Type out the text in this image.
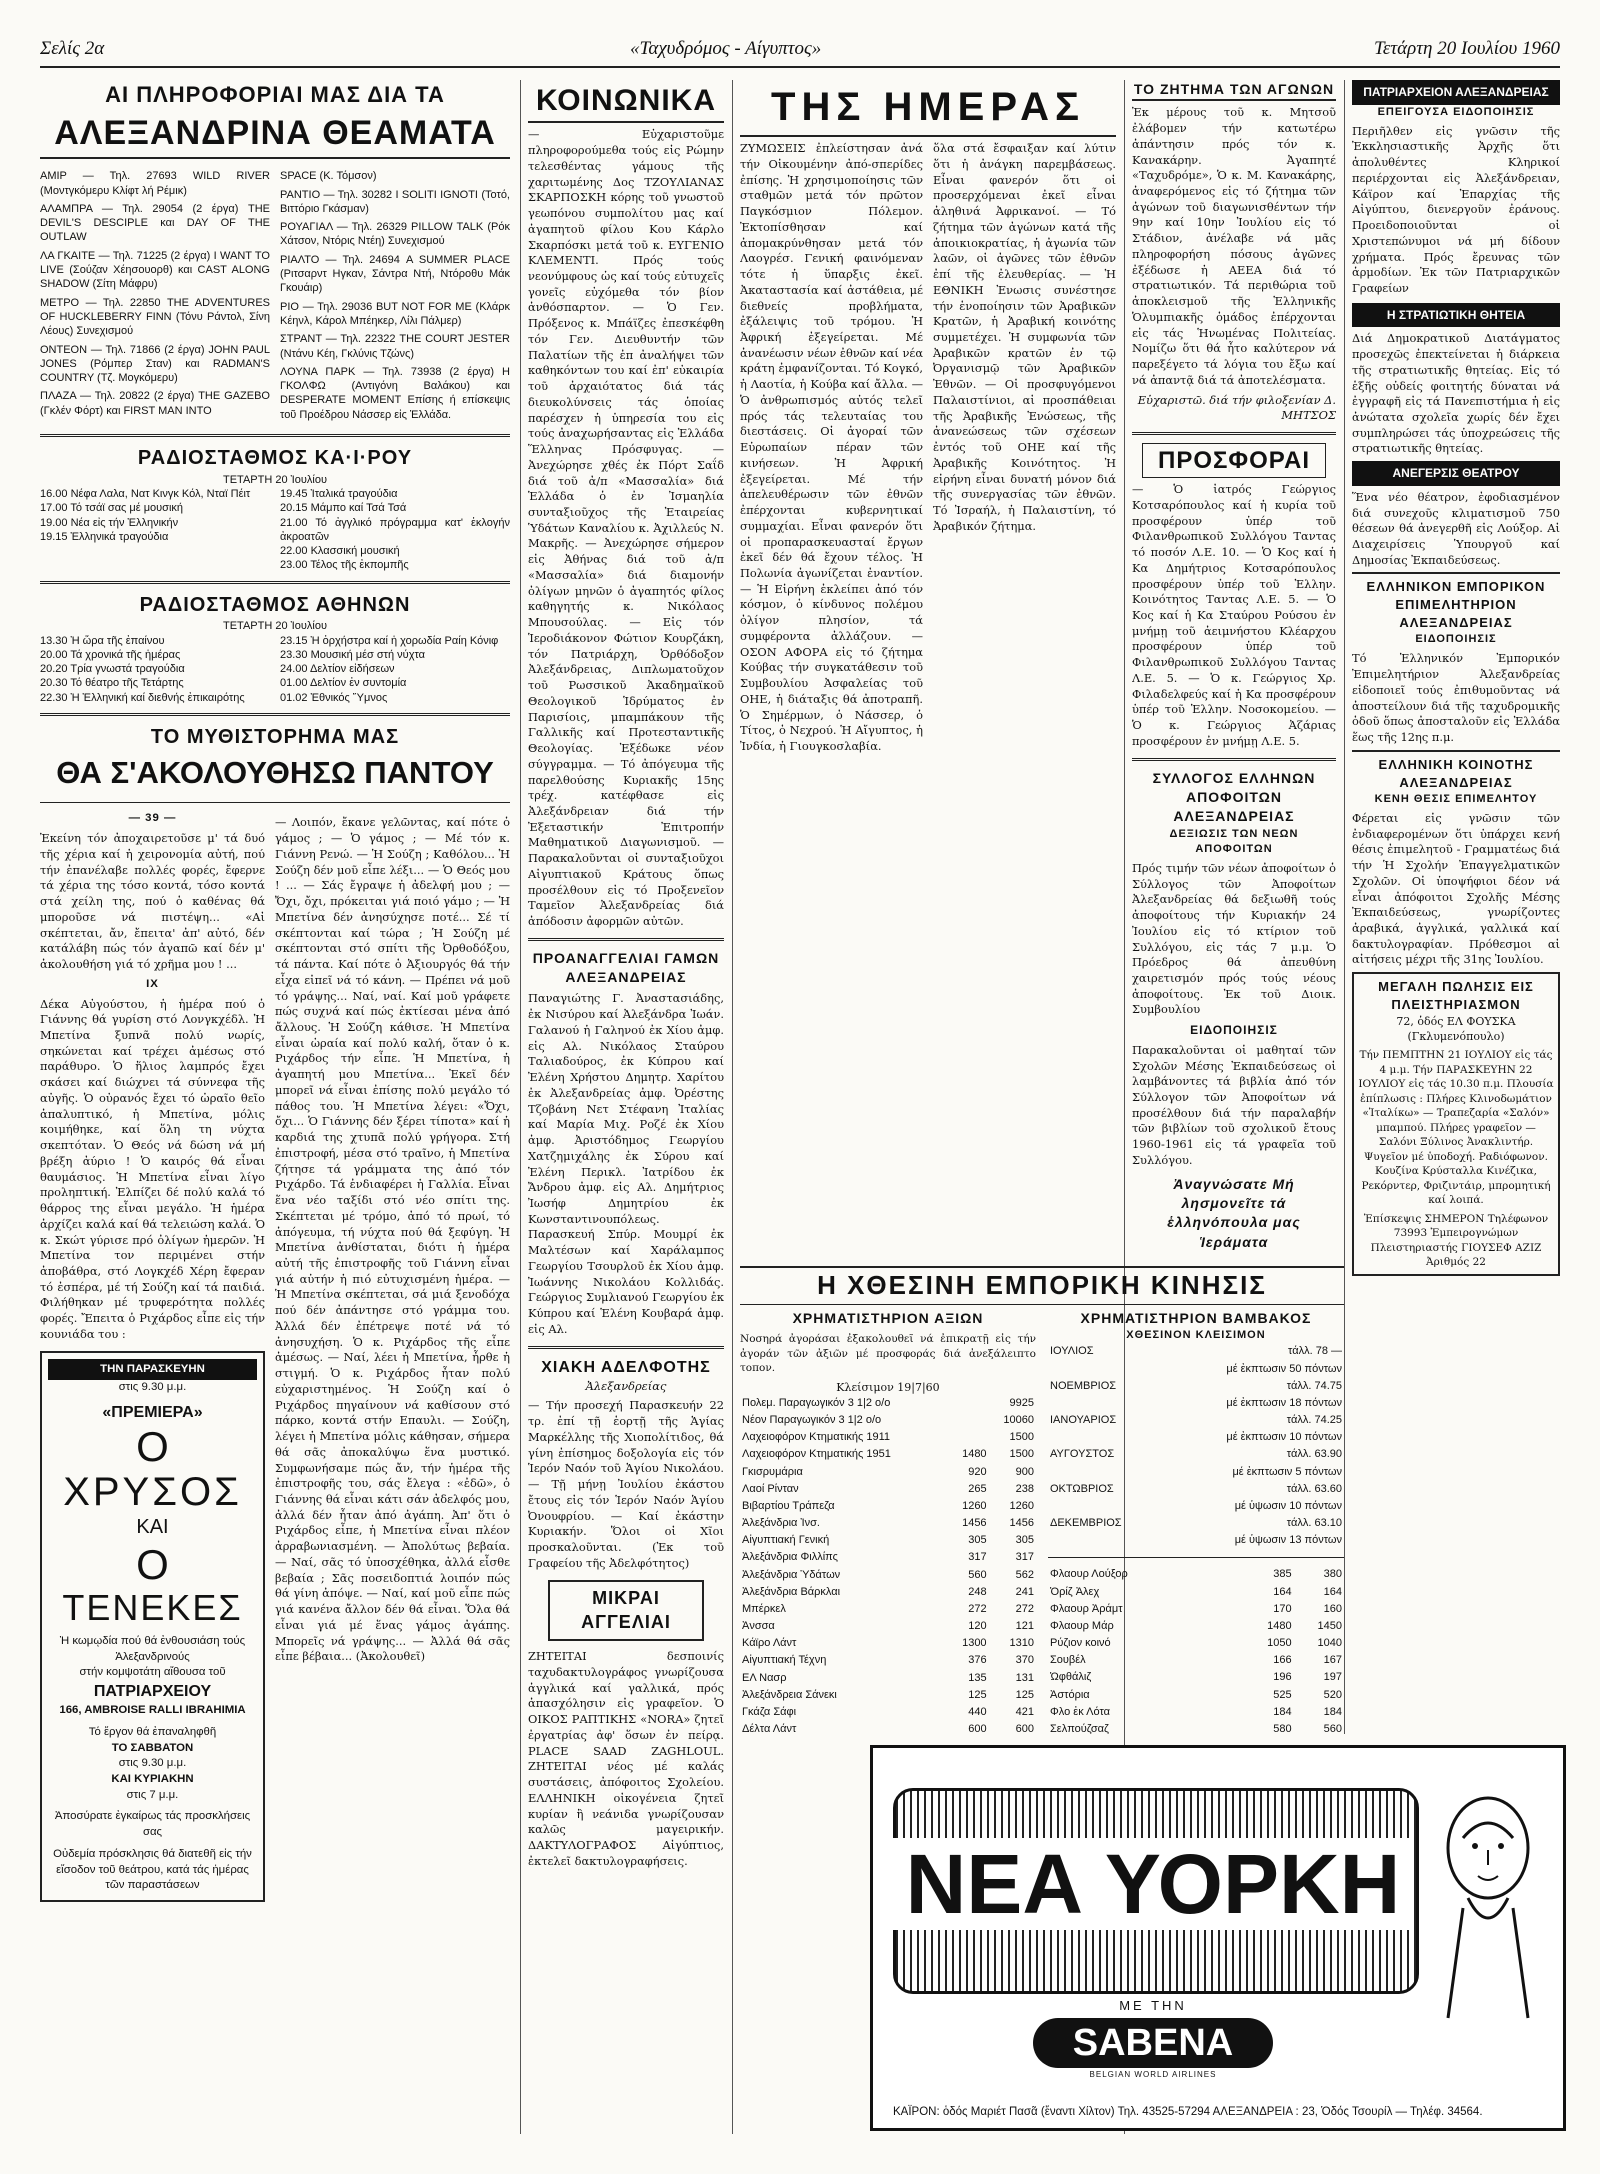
Σελίς 2α	«Ταχυδρόμος - Αίγυπτος»	Τετάρτη 20 Ιουλίου 1960
ΑΙ ΠΛΗΡΟΦΟΡΙΑΙ ΜΑΣ ΔΙΑ ΤΑ
ΑΛΕΞΑΝΔΡΙΝΑ ΘΕΑΜΑΤΑ
ΑΜΙΡ — Τηλ. 27693 WILD RIVER (Μοντγκόμερυ Κλίφτ λή Ρέμικ)
ΑΛΑΜΠΡΑ — Τηλ. 29054 (2 έργα) THE DEVIL'S DESCIPLE και DAY OF THE OUTLAW
ΛΑ ΓΚΑΙΤΕ — Τηλ. 71225 (2 έργα) I WANT TO LIVE (Σούζαν Χέησουορθ) και CAST ALONG SHADOW (Σίτη Μάφρυ)
ΜΕΤΡΟ — Τηλ. 22850 THE ADVENTURES OF HUCKLEBERRY FINN (Τόνυ Ράντολ, Σίνη Λέους) Συνεχισμού
ΟΝΤΕΟΝ — Τηλ. 71866 (2 έργα) JOHN PAUL JONES (Ρόμπερ Σταν) και RADMAN'S COUNTRY (Τζ. Μογκόμερυ)
ΠΛΑΖΑ — Τηλ. 20822 (2 έργα) THE GAZEBO (Γκλέν Φόρτ) και FIRST MAN INTO
SPACE (Κ. Τόμσον)
ΡΑΝΤΙΟ — Τηλ. 30282 I SOLITI IGNOTI (Τοτό, Βιττόριο Γκάσμαν)
ΡΟΥΑΓΙΑΛ — Τηλ. 26329 PILLOW TALK (Ρόκ Χάτσον, Ντόρις Ντέη) Συνεχισμού
ΡΙΑΛΤΟ — Τηλ. 24694 A SUMMER PLACE (Ριτσαρντ Ηγκαν, Σάντρα Ντή, Ντόροθυ Μάκ Γκουάιρ)
ΡΙΟ — Τηλ. 29036 BUT NOT FOR ME (Κλάρκ Κέηνλ, Κάρολ Μπέηκερ, Λίλι Πάλμερ)
ΣΤΡΑΝΤ — Τηλ. 22322 THE COURT JESTER (Ντάνυ Κέη, Γκλύνις Τζώνς)
ΛΟΥΝΑ ΠΑΡΚ — Τηλ. 73938 (2 έργα) Η ΓΚΟΛΦΩ (Αντιγόνη Βαλάκου) και DESPERATE MOMENT Επίσης ή επίσκεψις τοῦ Προέδρου Νάσσερ εἰς Ἑλλάδα.
ΡΑΔΙΟΣΤΑΘΜΟΣ ΚΑ·Ι·ΡΟΥ
ΤΕΤΑΡΤΗ 20 Ἰουλίου
16.00 Νέφα Λαλα, Νατ Κινγκ Κόλ, Νταϊ Πέιτ
17.00 Τό τσάϊ σας μέ μουσική
19.00 Νέα εἰς τήν Ἑλληνικήν
19.15 Ἑλληνικά τραγούδια
19.45 Ἰταλικά τραγούδια
20.15 Μάμπο καί Τσά Τσά
21.00 Τό ἀγγλικό πρόγραμμα κατ' ἐκλογήν ἀκροατῶν
22.00 Κλασσική μουσική
23.00 Τέλος τῆς ἐκπομπῆς
ΡΑΔΙΟΣΤΑΘΜΟΣ ΑΘΗΝΩΝ
ΤΕΤΑΡΤΗ 20 Ἰουλίου
13.30 Ἡ ὥρα τῆς ἐπαίνου
20.00 Τά χρονικά τῆς ἡμέρας
20.20 Τρία γνωστά τραγούδια
20.30 Τό θέατρο τῆς Τετάρτης
22.30 Ἡ Ἑλληνική καί διεθνής ἐπικαιρότης
23.15 Ἡ ὀρχήστρα καί ἡ χορωδία Ραίη Κόνιφ
23.30 Μουσική μέσ στή νύχτα
24.00 Δελτίον εἰδήσεων
01.00 Δελτίον ἐν συντομία
01.02 Ἐθνικός Ὕμνος
ΤΟ ΜΥΘΙΣΤΟΡΗΜΑ ΜΑΣ
ΘΑ Σ'ΑΚΟΛΟΥΘΗΣΩ ΠΑΝΤΟΥ
— 39 —
Ἐκείνη τόν ἀποχαιρετοῦσε μ' τά δυό τῆς χέρια καί ἡ χειρονομία αὐτή, πού τήν ἐπανέλαβε πολλές φορές, ἔφερνε τά χέρια της τόσο κοντά, τόσο κοντά στά χείλη της, πού ὁ καθένας θά μποροῦσε νά πιστέψη... «Αἰ σκέπτεται, ἄν, ἔπειτα' ἀπ' αὐτό, δέν κατάλάβη πώς τόν ἀγαπῶ καί δέν μ' ἀκολουθήση γιά τό χρῆμα μου ! ...
IX
Δέκα Αὐγούστου, ἡ ἡμέρα πού ὁ Γιάννης θά γυρίση στό Λονγκχέδλ. Ἡ Μπετίνα ξυπνᾶ πολύ νωρίς, σηκώνεται καί τρέχει ἀμέσως στό παράθυρο. Ὁ ἥλιος λαμπρός ἔχει σκάσει καί διώχνει τά σύννεφα τῆς αὐγῆς. Ὁ οὐρανός ἔχει τό ὡραῖο θεῖο ἀπαλυπτικό, ἡ Μπετίνα, μόλις κοιμήθηκε, καί ὅλη τη νύχτα σκεπτόταν. Ὁ Θεός νά δώση νά μή βρέξη ἀύριο ! Ὁ καιρός θά εἶναι θαυμάσιος. Ἡ Μπετίνα εἶναι λίγο προληπτική. Ἐλπίζει δέ πολύ καλά τό θάρρος της εἶναι μεγάλο. Ἡ ἡμέρα ἀρχίζει καλά καί θά τελειώση καλά. Ὁ κ. Σκώτ γύρισε πρό ὀλίγων ἡμερῶν. Ἡ Μπετίνα τον περιμένει στήν ἀποβάθρα, στό Λογκχέδ Χέρη ἔφεραν τό ἐσπέρα, μέ τή Σούζη καί τά παιδιά. Φιλήθηκαν μέ τρυφερότητα πολλές φορές. Ἔπειτα ὁ Ριχάρδος εἶπε εἰς τήν κουνιάδα του :
ΤΗΝ ΠΑΡΑΣΚΕΥΗΝ
στις 9.30 μ.μ.
«ΠΡΕΜΙΕΡΑ»
Ο
ΧΡΥΣΟΣ
ΚΑΙ
Ο
ΤΕΝΕΚΕΣ
Ἡ κωμῳδία πού θά ἐνθουσιάση τούς Ἀλεξανδρινούς
στήν κομψοτάτη αἴθουσα τοῦ
ΠΑΤΡΙΑΡΧΕΙΟΥ
166, AMBROISE RALLI IBRAHIMIA
Τό ἔργον θά ἐπαναληφθῆ
ΤΟ ΣΑΒΒΑΤΟΝ
στις 9.30 μ.μ.
ΚΑΙ ΚΥΡΙΑΚΗΝ
στις 7 μ.μ.
Ἀποσύρατε ἐγκαίρως τάς προσκλήσεις σας
Οὐδεμία πρόσκλησις θά διατεθῆ εἰς τήν εἴσοδον τοῦ θεάτρου, κατά τάς ἡμέρας τῶν παραστάσεων
— Λοιπόν, ἔκανε γελῶντας, καί πότε ὁ γάμος ; — Ὁ γάμος ; — Μέ τόν κ. Γιάννη Ρενώ. — Ἡ Σούζη ; Καθόλου... Ἡ Σούζη δέν μοῦ εἶπε λέξι... — Ὁ Θεός μου ! ... — Σάς ἔγραψε ἡ ἀδελφή μου ; — Ὄχι, ὄχι, πρόκειται γιά ποιό γάμο ; — Ἡ Μπετίνα δέν ἀνησύχησε ποτέ... Σέ τί σκέπτονται καί τώρα ; Ἡ Σούζη μέ σκέπτονται στό σπίτι τῆς Ὀρθοδόξου, τά πάντα. Καί πότε ὁ Ἀξιουργός θά τήν εἶχα εἰπεῖ νά τό κάνη. — Πρέπει νά μοῦ τό γράψης... Ναί, ναί. Καί μοῦ γράφετε πώς συχνά καί πώς ἐκτίεσαι μένα ἀπό ἄλλους. Ἡ Σούζη κάθισε. Ἡ Μπετίνα εἶναι ὡραία καί πολύ καλή, ὅταν ὁ κ. Ριχάρδος τήν εἶπε. Ἡ Μπετίνα, ἡ ἀγαπητή μου Μπετίνα... Ἐκεῖ δέν μπορεῖ νά εἶναι ἐπίσης πολύ μεγάλο τό πάθος του. Ἡ Μπετίνα λέγει: «Ὄχι, ὄχι... Ὁ Γιάννης δέν ξέρει τίποτα» καί ἡ καρδιά της χτυπᾶ πολύ γρήγορα. Στή ἐπιστροφή, μέσα στό τραῖνο, ἡ Μπετίνα ζήτησε τά γράμματα της ἀπό τόν Ριχάρδο. Τά ἐνδιαφέρει ἡ Γαλλία. Εἶναι ἕνα νέο ταξίδι στό νέο σπίτι της. Σκέπτεται μέ τρόμο, ἀπό τό πρωί, τό ἀπόγευμα, τή νύχτα πού θά ξεφύγη. Ἡ Μπετίνα ἀνθίσταται, διότι ἡ ἡμέρα αὐτή τῆς ἐπιστροφῆς τοῦ Γιάννη εἶναι γιά αὐτήν ἡ πιό εὐτυχισμένη ἡμέρα. — Ἡ Μπετίνα σκέπτεται, σά μιά ξενοδόχα πού δέν ἀπάντησε στό γράμμα του. Ἀλλά δέν ἐπέτρεψε ποτέ νά τό ἀνησυχήση. Ὁ κ. Ριχάρδος τῆς εἶπε ἀμέσως. — Ναί, λέει ἡ Μπετίνα, ἦρθε ἡ στιγμή. Ὁ κ. Ριχάρδος ἦταν πολύ εὐχαριστημένος. Ἡ Σούζη καί ὁ Ριχάρδος πηγαίνουν νά καθίσουν στό πάρκο, κοντά στήν Επαυλι. — Σούζη, λέγει ἡ Μπετίνα μόλις κάθησαν, σήμερα θά σᾶς ἀποκαλύψω ἕνα μυστικό. Συμφωνήσαμε πώς ἄν, τήν ἡμέρα τῆς ἐπιστροφῆς του, σάς ἔλεγα : «ἐδῶ», ὁ Γιάννης θά εἶναι κάτι σάν ἀδελφός μου, ἀλλά δέν ἦταν ἀπό ἀγάπη. Ἀπ' ὅτι ὁ Ριχάρδος εἶπε, ἡ Μπετίνα εἶναι πλέον ἀρραβωνιασμένη. — Ἀπολύτως βεβαία. — Ναί, σᾶς τό ὑποσχέθηκα, ἀλλά εἶσθε βεβαία ; Σᾶς ποσειδοπτιά λοιπόν πώς θά γίνη ἀπόψε. — Ναί, καί μοῦ εἶπε πώς γιά κανένα ἄλλον δέν θά εἶναι. Ὅλα θά εἶναι γιά μέ ἕνας γάμος ἀγάπης. Μπορεῖς νά γράψης... — Ἀλλά θά σᾶς εἶπε βέβαια... (Ἀκολουθεῖ)
ΚΟΙΝΩΝΙΚΑ
— Εὐχαριστοῦμε πληροφορούμεθα τούς εἰς Ρώμην τελεσθέντας γάμους τῆς χαριτωμένης Δος ΤΖΟΥΛΙΑΝΑΣ ΣΚΑΡΠΟΣΚΗ κόρης τοῦ γνωστοῦ γεωπόνου συμπολίτου μας καί ἀγαπητοῦ φίλου Κου Κάρλο Σκαρπόσκι μετά τοῦ κ. ΕΥΓΕΝΙΟ ΚΛΕΜΕΝΤΙ. Πρός τούς νεονύμφους ὡς καί τούς εὐτυχεῖς γονεῖς εὐχόμεθα τόν βίον ἀνθόσπαρτον. — Ὁ Γεν. Πρόξενος κ. Μπάϊζες ἐπεσκέφθη τόν Γεν. Διευθυντήν τῶν Παλατίων τῆς ἐπ ἀναλήψει τῶν καθηκόντων του καί ἐπ' εὐκαιρία τοῦ ἀρχαιότατος διά τάς διευκολύνσεις τάς ὁποίας παρέσχεν ἡ ὑπηρεσία του εἰς τούς ἀναχωρήσαντας εἰς Ἑλλάδα Ἕλληνας Πρόσφυγας. — Ἀνεχώρησε χθές ἐκ Πόρτ Σαΐδ διά τοῦ ἀ/π «Μασσαλία» διά Ἑλλάδα ὁ ἐν Ἰσμαηλία συνταξιοῦχος τῆς Ἑταιρείας Ὑδάτων Καναλίου κ. Ἀχιλλεύς Ν. Μακρῆς. — Ἀνεχώρησε σήμερον εἰς Ἀθήνας διά τοῦ ἀ/π «Μασσαλία» διά διαμονήν ὀλίγων μηνῶν ὁ ἀγαπητός φίλος καθηγητής κ. Νικόλαος Μπουσούλας. — Εἰς τόν Ἱεροδιάκονον Φώτιον Κουρζάκη, τόν Πατριάρχη, Ὀρθόδοξον Ἀλεξάνδρειας, Διπλωματοῦχον τοῦ Ρωσσικοῦ Ἀκαδημαϊκοῦ Θεολογικοῦ Ἱδρύματος ἐν Παρισίοις, μπαμπάκουν τῆς Γαλλικῆς καί Προτεσταντικῆς Θεολογίας. Ἐξέδωκε νέον σύγγραμμα. — Τό ἀπόγευμα τῆς παρελθούσης Κυριακῆς 15ης τρέχ. κατέφθασε εἰς Ἀλεξάνδρειαν διά τήν Ἐξεταστικήν Ἐπιτροπήν Μαθηματικοῦ Διαγωνισμοῦ. — Παρακαλοῦνται οἱ συνταξιοῦχοι Αἰγυπτιακοῦ Κράτους ὅπως προσέλθουν εἰς τό Προξενεῖον Ταμεῖον Ἀλεξανδρείας διά ἀπόδοσιν ἀφορμῶν αὐτῶν.
ΠΡΟΑΝΑΓΓΕΛΙΑΙ ΓΑΜΩΝ ΑΛΕΞΑΝΔΡΕΙΑΣ
Παναγιώτης Γ. Ἀναστασιάδης, ἐκ Νισύρου καί Ἀλεξάνδρα Ἰωάν. Γαλανού ἡ Γαληνού ἐκ Χίου ἀμφ. εἰς Αλ. Νικόλαος Σταύρου Ταλιαδούρος, ἐκ Κύπρου καί Ἐλένη Χρήστου Δημητρ. Χαρίτου ἐκ Ἀλεξανδρείας ἀμφ. Ὀρέστης Τζοβάνη Νετ Στέφανη Ἰταλίας καί Μαρία Μιχ. Ροζέ ἐκ Χίου ἀμφ. Ἀριστόδημος Γεωργίου Χατζημιχάλης ἐκ Σύρου καί Ἐλένη Περικλ. Ἰατρίδου ἐκ Ἄνδρου ἀμφ. εἰς Αλ. Δημήτριος Ἰωσήφ Δημητρίου ἐκ Κωνσταντινουπόλεως. Παρασκευή Σπύρ. Μουμρί ἐκ Μαλτέσων καί Χαράλαμπος Γεωργίου Τσουρλοῦ ἐκ Χίου ἀμφ. Ἰωάννης Νικολάου Κολλιδάς. Γεώργιος Συμλιανού Γεωργίου ἐκ Κύπρου καί Ἑλένη Κουβαρά ἀμφ. εἰς Αλ.
ΧΙΑΚΗ ΑΔΕΛΦΟΤΗΣ
Ἀλεξανδρείας
— Τήν προσεχή Παρασκευήν 22 τρ. ἐπί τῇ ἑορτῇ τῆς Ἁγίας Μαρκέλλης τῆς Χιοπολίτιδος, θά γίνη ἐπίσημος δοξολογία εἰς τόν Ἱερόν Ναόν τοῦ Ἁγίου Νικολάου. — Τῇ μήνῃ Ἰουλίου ἐκάστου ἔτους εἰς τόν Ἱερόν Ναόν Ἁγίου Ὀνουφρίου. — Καί ἐκάστην Κυριακήν. Ὅλοι οἱ Χῖοι προσκαλοῦνται. (Ἐκ τοῦ Γραφείου τῆς Ἀδελφότητος)
ΜΙΚΡΑΙ ΑΓΓΕΛΙΑΙ
ΖΗΤΕΙΤΑΙ δεσποινίς ταχυδακτυλογράφος γνωρίζουσα ἀγγλικά καί γαλλικά, πρός ἀπασχόλησιν εἰς γραφεῖον. Ὁ ΟΙΚΟΣ ΡΑΠΤΙΚΗΣ «NORA» ζητεῖ ἐργατρίας ἀφ' ὅσων ἐν πείρᾳ. PLACE SAAD ZAGHLOUL. ΖΗΤΕΙΤΑΙ νέος μέ καλάς συστάσεις, ἀπόφοιτος Σχολείου. ΕΛΛΗΝΙΚΗ οἰκογένεια ζητεῖ κυρίαν ἢ νεάνιδα γνωρίζουσαν καλῶς μαγειρικήν. ΔΑΚΤΥΛΟΓΡΑΦΟΣ Αἰγύπτιος, ἐκτελεῖ δακτυλογραφήσεις.
ΤΗΣ ΗΜΕΡΑΣ
ΖΥΜΩΣΕΙΣ ἐπλείστησαν ἀνά τήν Οἰκουμένην ἀπό-σπερίδες ἐπίσης. Ἡ χρησιμοποίησις τῶν σταθμῶν μετά τόν πρῶτον Παγκόσμιον Πόλεμον. Ἐκτοπίσθησαν καί ἀπομακρύνθησαν μετά τόν Λαογρέσ. Γενική φαινόμεναν τότε ἡ ὕπαρξις ἐκεῖ. Ἀκαταστασία καί ἀστάθεια, μέ διεθνείς προβλήματα, ἐξάλειψις τοῦ τρόμου. Ἡ Ἀφρική ἐξεγείρεται. Μέ ἀνανέωσιν νέων ἐθνῶν καί νέα κράτη ἐμφανίζονται. Τό Κογκό, ἡ Λαοτία, ἡ Κούβα καί ἄλλα. — Ὁ ἀνθρωπισμός αὐτός τελεῖ πρός τάς τελευταίας του διεστάσεις. Οἱ ἀγοραί τῶν Εὐρωπαίων πέραν τῶν κινήσεων. Ἡ Ἀφρική ἐξεγείρεται. Μέ τήν ἀπελευθέρωσιν τῶν ἐθνῶν ἐπέρχονται κυβερνητικαί συμμαχίαι. Εἶναι φανερόν ὅτι οἱ προπαρασκευασταί ἔργων ἐκεῖ δέν θά ἔχουν τέλος. Ἡ Πολωνία ἀγωνίζεται ἐναντίον. — Ἡ Εἰρήνη ἐκλείπει ἀπό τόν κόσμον, ὁ κίνδυνος πολέμου ὀλίγον πλησίον, τά συμφέροντα ἀλλάζουν. — ΟΣΟΝ ΑΦΟΡΑ εἰς τό ζήτημα Κούβας τήν συγκατάθεσιν τοῦ Συμβουλίου Ἀσφαλείας τοῦ ΟΗΕ, ἡ διάταξις θά ἀποτραπῆ. Ὁ Σημέρμων, ὁ Νάσσερ, ὁ Τίτος, ὁ Νεχρού. Ἡ Αἴγυπτος, ἡ Ἰνδία, ἡ Γιουγκοσλαβία.
ὅλα στά ἔσφαιξαν καί λύτιν ὅτι ἡ ἀνάγκη παρεμβάσεως. Εἶναι φανερόν ὅτι οἱ προσερχόμεναι ἐκεῖ εἶναι ἀληθινά Ἀφρικανοί. — Τό ζήτημα τῶν ἀγώνων κατά τῆς ἀποικιοκρατίας, ἡ ἀγωνία τῶν λαῶν, οἱ ἀγῶνες τῶν ἐθνῶν ἐπί τῆς ἐλευθερίας. — Ἡ ΕΘΝΙΚΗ Ἐνωσις συνέστησε τήν ἑνοποίησιν τῶν Ἀραβικῶν Κρατῶν, ἡ Ἀραβική κοινότης συμμετέχει. Ἡ συμφωνία τῶν Ἀραβικῶν κρατῶν ἐν τῷ Ὀργανισμῷ τῶν Ἀραβικῶν Ἐθνῶν. — Οἱ προσφυγόμενοι Παλαιστίνιοι, αἱ προσπάθειαι τῆς Ἀραβικῆς Ἑνώσεως, τῆς ἀνανεώσεως τῶν σχέσεων ἐντός τοῦ ΟΗΕ καί τῆς Ἀραβικῆς Κοινότητος. Ἡ εἰρήνη εἶναι δυνατή μόνον διά τῆς συνεργασίας τῶν ἐθνῶν. Τό Ἰσραήλ, ἡ Παλαιστίνη, τό Ἀραβικόν ζήτημα.
ΤΟ ΖΗΤΗΜΑ ΤΩΝ ΑΓΩΝΩΝ
Ἐκ μέρους τοῦ κ. Μητσοῦ ἐλάβομεν τήν κατωτέρω ἀπάντησιν πρός τόν κ. Κανακάρην. Ἀγαπητέ «Ταχυδρόμε», Ὁ κ. Μ. Κανακάρης, ἀναφερόμενος εἰς τό ζήτημα τῶν ἀγώνων τοῦ διαγωνισθέντων τήν 9ην καί 10ην Ἰουλίου εἰς τό Στάδιον, ἀνέλαβε νά μᾶς πληροφορήση πόσους ἀγῶνες ἐξέδωσε ἡ ΑΕΕΑ διά τό στρατιωτικόν. Τά περιθώρια τοῦ ἀποκλεισμοῦ τῆς Ἑλληνικῆς Ὁλυμπιακῆς ὁμάδος ἐπέρχονται εἰς τάς Ἡνωμένας Πολιτείας. Νομίζω ὅτι θά ἦτο καλύτερον νά παρεξέγετο τά λόγια του ἔξω καί νά ἀπαντᾷ διά τά ἀποτελέσματα.
Εὐχαριστῶ. διά τήν φιλοξενίαν Δ. ΜΗΤΣΟΣ
ΠΡΟΣΦΟΡΑΙ
— Ὁ ἰατρός Γεώργιος Κοτσαρόπουλος καί ἡ κυρία τοῦ προσφέρουν ὑπέρ τοῦ Φιλανθρωπικοῦ Συλλόγου Ταντας τό ποσόν Λ.Ε. 10. — Ὁ Κος καί ἡ Κα Δημήτριος Κοτσαρόπουλος προσφέρουν ὑπέρ τοῦ Ἑλλην. Κοινότητος Ταντας Λ.Ε. 5. — Ὁ Κος καί ἡ Κα Σταύρου Ρούσου ἐν μνήμῃ τοῦ ἀειμνήστου Κλέαρχου προσφέρουν ὑπέρ τοῦ Φιλανθρωπικοῦ Συλλόγου Ταντας Λ.Ε. 5. — Ὁ κ. Γεώργιος Χρ. Φιλαδελφεύς καί ἡ Κα προσφέρουν ὑπέρ τοῦ Ἑλλην. Νοσοκομείου. — Ὁ κ. Γεώργιος Ἀζάριας προσφέρουν ἐν μνήμῃ Λ.Ε. 5.
ΣΥΛΛΟΓΟΣ ΕΛΛΗΝΩΝ ΑΠΟΦΟΙΤΩΝ ΑΛΕΞΑΝΔΡΕΙΑΣ
ΔΕΞΙΩΣΙΣ ΤΩΝ ΝΕΩΝ ΑΠΟΦΟΙΤΩΝ
Πρός τιμήν τῶν νέων ἀποφοίτων ὁ Σύλλογος τῶν Ἀποφοίτων Ἀλεξανδρείας θά δεξιωθῆ τούς ἀποφοίτους τήν Κυριακήν 24 Ἰουλίου εἰς τό κτίριον τοῦ Συλλόγου, εἰς τάς 7 μ.μ. Ὁ Πρόεδρος θά ἀπευθύνη χαιρετισμόν πρός τούς νέους ἀποφοίτους. Ἐκ τοῦ Διοικ. Συμβουλίου
ΕΙΔΟΠΟΙΗΣΙΣ
Παρακαλοῦνται οἱ μαθηταί τῶν Σχολῶν Μέσης Ἐκπαιδεύσεως οἱ λαμβάνοντες τά βιβλία ἀπό τόν Σύλλογον τῶν Ἀποφοίτων νά προσέλθουν διά τήν παραλαβήν τῶν βιβλίων τοῦ σχολικοῦ ἔτους 1960-1961 εἰς τά γραφεῖα τοῦ Συλλόγου.
Ἀναγνώσατε Μή λησμονεῖτε τά ἑλληνόπουλα μας Ἱεράματα
ΠΑΤΡΙΑΡΧΕΙΟΝ ΑΛΕΞΑΝΔΡΕΙΑΣ
ΕΠΕΙΓΟΥΣΑ ΕΙΔΟΠΟΙΗΣΙΣ
Περιῆλθεν εἰς γνῶσιν τῆς Ἐκκλησιαστικῆς Ἀρχῆς ὅτι ἀπολυθέντες Κληρικοί περιέρχονται εἰς Ἀλεξάνδρειαν, Κάϊρον καί Ἐπαρχίας τῆς Αἰγύπτου, διενεργοῦν ἐράνους. Προειδοποιοῦνται οἱ Χριστεπώνυμοι νά μή δίδουν χρήματα. Πρός ἔρευνας τῶν ἁρμοδίων. Ἐκ τῶν Πατριαρχικῶν Γραφείων
Η ΣΤΡΑΤΙΩΤΙΚΗ ΘΗΤΕΙΑ
Διά Δημοκρατικοῦ Διατάγματος προσεχῶς ἐπεκτείνεται ἡ διάρκεια τῆς στρατιωτικῆς θητείας. Εἰς τό ἑξῆς οὐδείς φοιτητής δύναται νά ἐγγραφῆ εἰς τά Πανεπιστήμια ἡ εἰς ἀνώτατα σχολεῖα χωρίς δέν ἔχει συμπληρώσει τάς ὑποχρεώσεις τῆς στρατιωτικῆς θητείας.
ΑΝΕΓΕΡΣΙΣ ΘΕΑΤΡΟΥ
Ἕνα νέο θέατρον, ἐφοδιασμένον διά συνεχοῦς κλιματισμοῦ 750 θέσεων θά ἀνεγερθῆ εἰς Λούξορ. Αἱ Διαχειρίσεις Ὑπουργοῦ καί Δημοσίας Ἐκπαιδεύσεως.
ΕΛΛΗΝΙΚΟΝ ΕΜΠΟΡΙΚΟΝ ΕΠΙΜΕΛΗΤΗΡΙΟΝ ΑΛΕΞΑΝΔΡΕΙΑΣ
ΕΙΔΟΠΟΙΗΣΙΣ
Τό Ἑλληνικόν Ἐμπορικόν Ἐπιμελητήριον Ἀλεξανδρείας εἰδοποιεῖ τούς ἐπιθυμοῦντας νά ἀποστείλουν διά τῆς ταχυδρομικῆς ὁδοῦ ὅπως ἀποσταλοῦν εἰς Ἑλλάδα ἕως τῆς 12ης π.μ.
ΕΛΛΗΝΙΚΗ ΚΟΙΝΟΤΗΣ ΑΛΕΞΑΝΔΡΕΙΑΣ
ΚΕΝΗ ΘΕΣΙΣ ΕΠΙΜΕΛΗΤΟΥ
Φέρεται εἰς γνῶσιν τῶν ἐνδιαφερομένων ὅτι ὑπάρχει κενή θέσις ἐπιμελητοῦ - Γραμματέως διά τήν Ἡ Σχολήν Ἐπαγγελματικῶν Σχολῶν. Οἱ ὑποψήφιοι δέον νά εἶναι ἀπόφοιτοι Σχολῆς Μέσης Ἐκπαιδεύσεως, γνωρίζοντες ἀραβικά, ἀγγλικά, γαλλικά καί δακτυλογραφίαν. Πρόθεσμοι αἱ αἰτήσεις μέχρι τῆς 31ης Ἰουλίου.
ΜΕΓΑΛΗ ΠΩΛΗΣΙΣ ΕΙΣ ΠΛΕΙΣΤΗΡΙΑΣΜΟΝ
72, ὁδός ΕΛ ΦΟΥΣΚΑ (Γκλυμενόπουλο)
Τήν ΠΕΜΠΤΗΝ 21 ΙΟΥΛΙΟΥ εἰς τάς 4 μ.μ. Τήν ΠΑΡΑΣΚΕΥΗΝ 22 ΙΟΥΛΙΟΥ εἰς τάς 10.30 π.μ. Πλουσία ἐπίπλωσις : Πλήρες Κλινοδωμάτιον «Ἰταλίκω» — Τραπεζαρία «Σαλόν» μπαμπού. Πλήρες γραφεῖον — Σαλόνι Ξύλινος Ἀνακλιντήρ. Ψυγεῖον μέ ὑποδοχή. Ραδιόφωνον. Κουζίνα Κρύσταλλα Κινέζικα, Ρεκόρντερ, Φριζιντάιρ, μπρομητική καί λοιπά.
Ἐπίσκεψις ΣΗΜΕΡΟΝ Τηλέφωνον 73993 Ἐμπειρογνώμων Πλειστηριαστής ΓΙΟΥΣΕΦ ΑΖΙΖ Ἀριθμός 22
Η ΧΘΕΣΙΝΗ ΕΜΠΟΡΙΚΗ ΚΙΝΗΣΙΣ
ΧΡΗΜΑΤΙΣΤΗΡΙΟΝ ΑΞΙΩΝ
Νοσηρά ἀγοράσαι ἐξακολουθεῖ νά ἐπικρατῇ εἰς τήν ἀγοράν τῶν ἀξιῶν μέ προσφοράς διά ἀνεξάλειπτο τοπον.
Κλείσιμον 19|7|60
Πολεμ. Παραγωγικόν 3 1|2 ο/ο		9925
Νέον Παραγωγικόν 3 1|2 ο/ο		10060
Λαχειοφόρον Κτηματικής 1911		1500
Λαχειοφόρον Κτηματικής 1951	1480	1500
Γκισρυμάρια	920	900
Λαοί Ρίνταν	265	238
Βιβαρτίου Τράπεζα	1260	1260
Ἀλεξάνδρια Ἰνσ.	1456	1456
Αἰγυπτιακή Γενική	305	305
Ἀλεξάνδρια Φιλλίπς	317	317
Ἀλεξάνδρια Ὑδάτων	560	562
Ἀλεξάνδρια Βάρκλαι	248	241
Μπέρκελ	272	272
Ἀνσσα	120	121
Κάϊρο Λάντ	1300	1310
Αἰγυπτιακή Τέχνη	376	370
ΕΛ Νασρ	135	131
Ἀλεξάνδρεια Σάνεκι	125	125
Γκάζα Σάφι	440	421
Δέλτα Λάντ	600	600

ΧΡΗΜΑΤΙΣΤΗΡΙΟΝ ΒΑΜΒΑΚΟΣ
ΧΘΕΣΙΝΟΝ ΚΛΕΙΣΙΜΟΝ
ΙΟΥΛΙΟΣ	τάλλ. 78 —
	μέ ἐκπτωσιν 50 πόντων
ΝΟΕΜΒΡΙΟΣ	τάλλ. 74.75
	μέ ἐκπτωσιν 18 πόντων
ΙΑΝΟΥΑΡΙΟΣ	τάλλ. 74.25
	μέ ἐκπτωσιν 10 πόντων
ΑΥΓΟΥΣΤΟΣ	τάλλ. 63.90
	μέ ἐκπτωσιν 5 πόντων
ΟΚΤΩΒΡΙΟΣ	τάλλ. 63.60
	μέ ὑψωσιν 10 πόντων
ΔΕΚΕΜΒΡΙΟΣ	τάλλ. 63.10
	μέ ὑψωσιν 13 πόντων
Φλαουρ Λούξορ	385	380
Ὀρίζ Ἀλεχ	164	164
Φλαουρ Ἀράμτ	170	160
Φλαουρ Μάρ	1480	1450
Ρύζιον κοινό	1050	1040
Σουβέλ	166	167
Ὠφθάλιζ	196	197
Ἀστόρια	525	520
Φλο ἐκ Λότα	184	184
Σελπούζσαζ	580	560

ΝΕΑ ΥΟΡΚΗ
ΜΕ ΤΗΝ
SABENA
BELGIAN WORLD AIRLINES
ΚΑΪΡΟΝ: ὁδός Μαριέτ Πασᾶ (ἔναντι Χίλτον) Τηλ. 43525-57294 ΑΛΕΞΑΝΔΡΕΙΑ : 23, Ὁδός Τσουρίλ — Τηλέφ. 34564.
